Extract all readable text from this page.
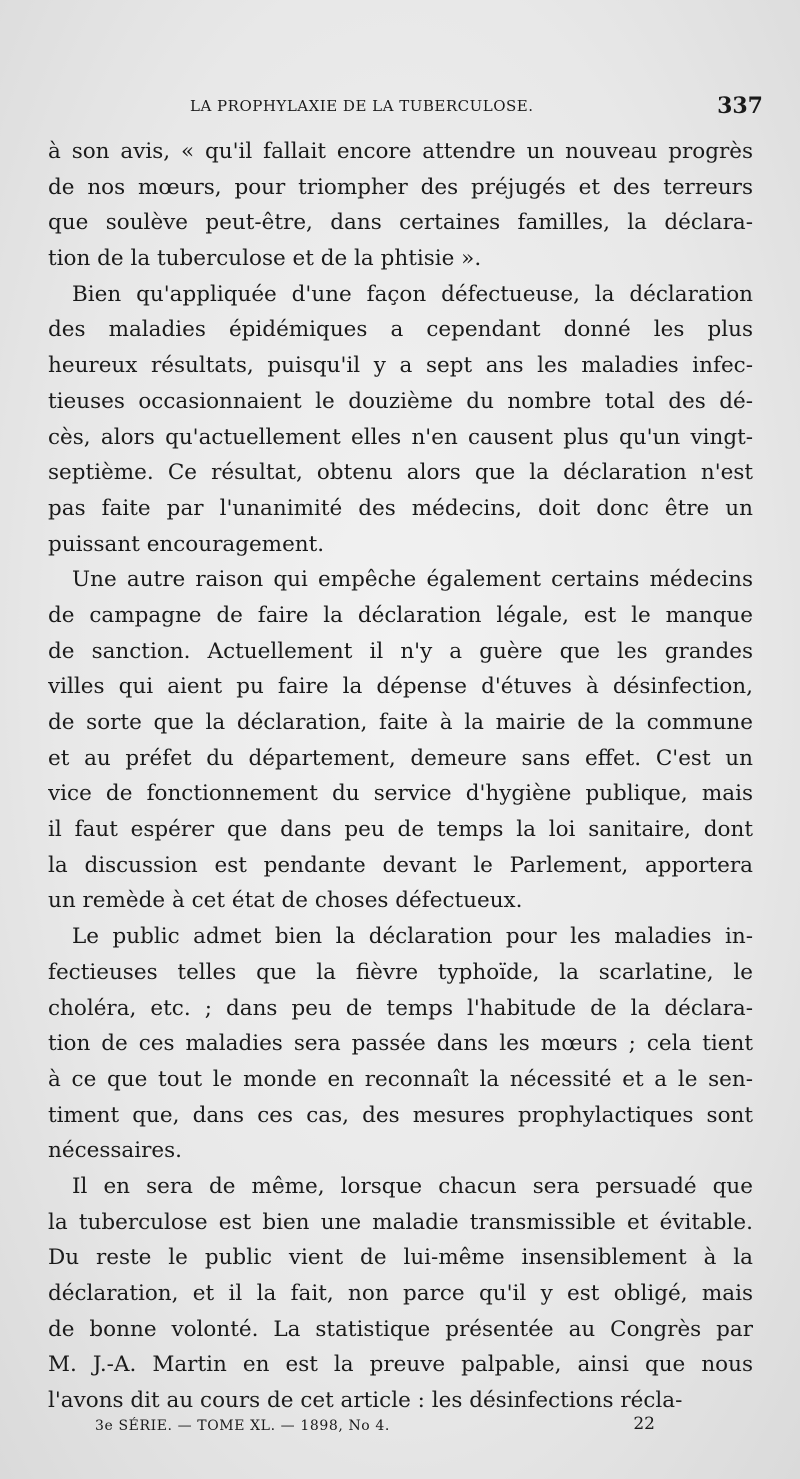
LA PROPHYLAXIE DE LA TUBERCULOSE.	337
à son avis, « qu'il fallait encore attendre un nouveau progrès
de nos mœurs, pour triompher des préjugés et des terreurs
que soulève peut-être, dans certaines familles, la déclara-
tion de la tuberculose et de la phtisie ».
Bien qu'appliquée d'une façon défectueuse, la déclaration
des maladies épidémiques a cependant donné les plus
heureux résultats, puisqu'il y a sept ans les maladies infec-
tieuses occasionnaient le douzième du nombre total des dé-
cès, alors qu'actuellement elles n'en causent plus qu'un vingt-
septième. Ce résultat, obtenu alors que la déclaration n'est
pas faite par l'unanimité des médecins, doit donc être un
puissant encouragement.
Une autre raison qui empêche également certains médecins
de campagne de faire la déclaration légale, est le manque
de sanction. Actuellement il n'y a guère que les grandes
villes qui aient pu faire la dépense d'étuves à désinfection,
de sorte que la déclaration, faite à la mairie de la commune
et au préfet du département, demeure sans effet. C'est un
vice de fonctionnement du service d'hygiène publique, mais
il faut espérer que dans peu de temps la loi sanitaire, dont
la discussion est pendante devant le Parlement, apportera
un remède à cet état de choses défectueux.
Le public admet bien la déclaration pour les maladies in-
fectieuses telles que la fièvre typhoïde, la scarlatine, le
choléra, etc. ; dans peu de temps l'habitude de la déclara-
tion de ces maladies sera passée dans les mœurs ; cela tient
à ce que tout le monde en reconnaît la nécessité et a le sen-
timent que, dans ces cas, des mesures prophylactiques sont
nécessaires.
Il en sera de même, lorsque chacun sera persuadé que
la tuberculose est bien une maladie transmissible et évitable.
Du reste le public vient de lui-même insensiblement à la
déclaration, et il la fait, non parce qu'il y est obligé, mais
de bonne volonté. La statistique présentée au Congrès par
M. J.-A. Martin en est la preuve palpable, ainsi que nous
l'avons dit au cours de cet article : les désinfections récla-
3e SÉRIE. — TOME XL. — 1898, No 4.	22
